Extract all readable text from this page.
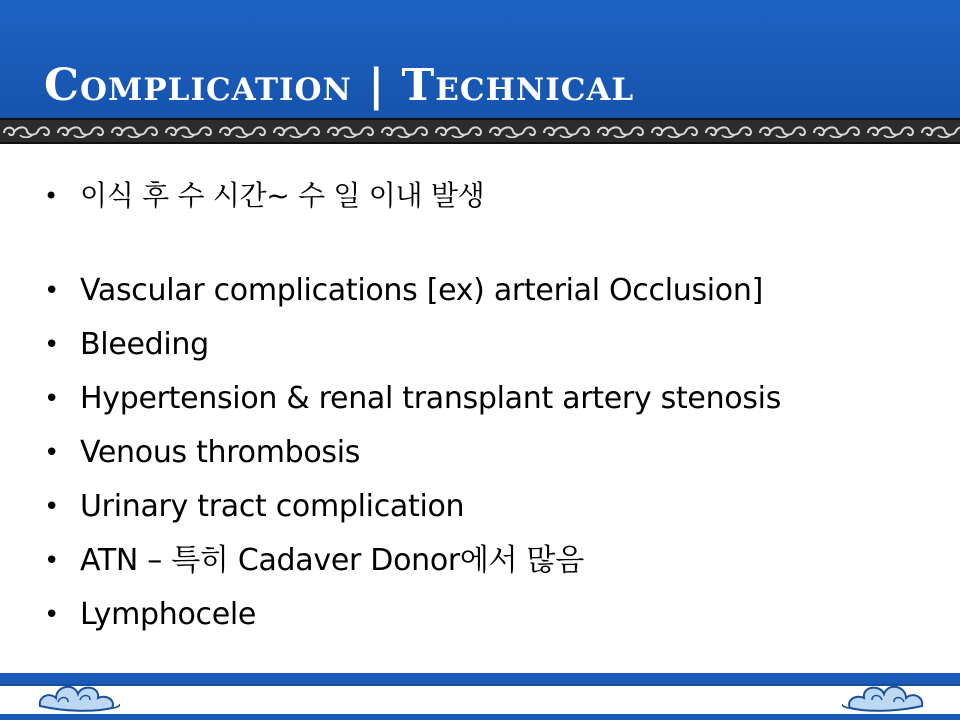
Complication | Technical
• 이식 후 수 시간~ 수 일 이내 발생
• Vascular complications [ex) arterial Occlusion]
• Bleeding
• Hypertension & renal transplant artery stenosis
• Venous thrombosis
• Urinary tract complication
• ATN – 특히 Cadaver Donor에서 많음
• Lymphocele
